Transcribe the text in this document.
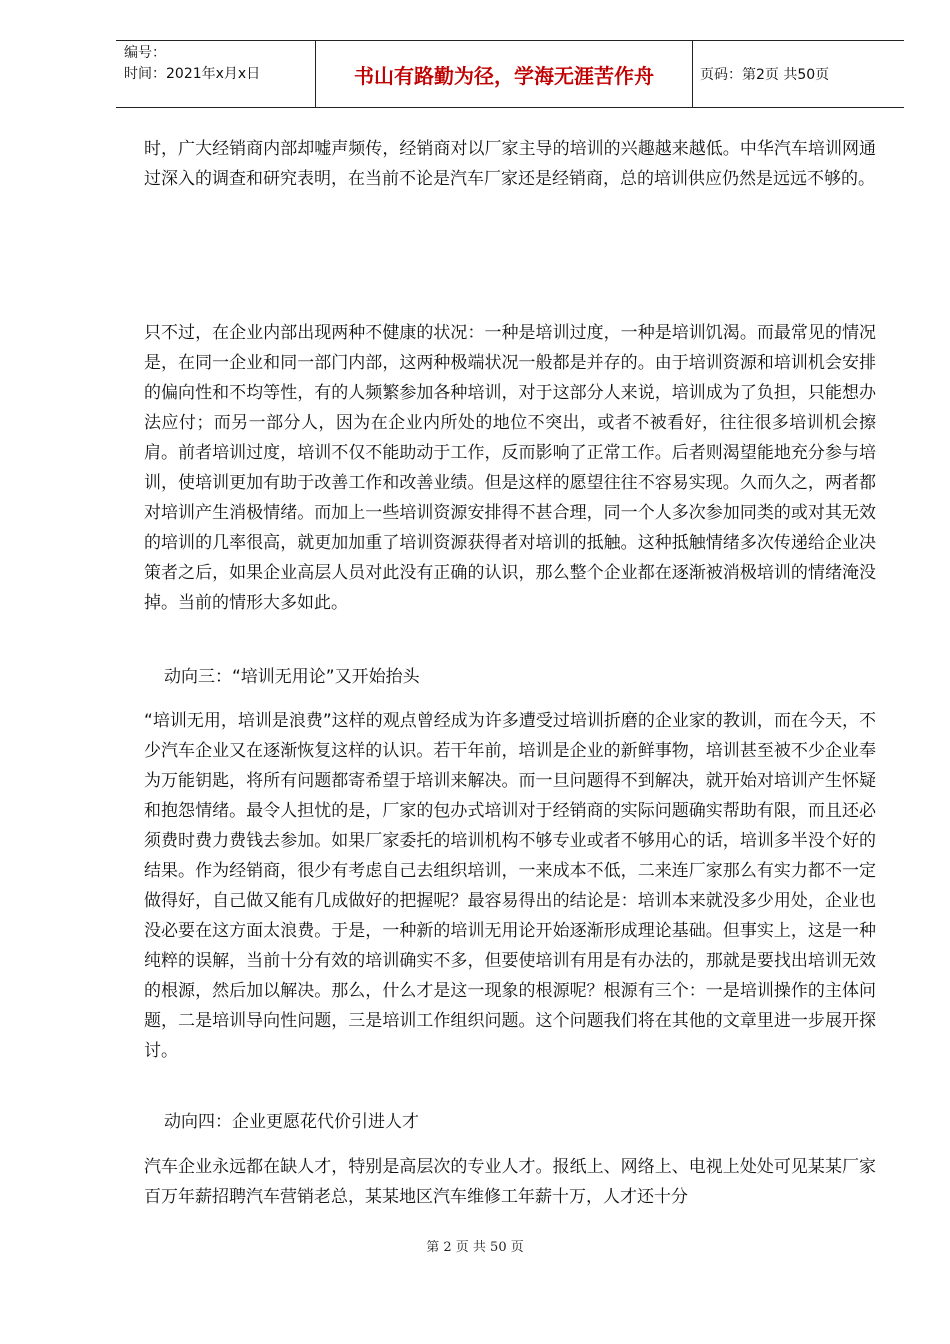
编号：
时间：2021年x月x日	书山有路勤为径，学海无涯苦作舟	页码：第2页 共50页

时，广大经销商内部却嘘声频传，经销商对以厂家主导的培训的兴趣越来越低。中华汽车培训网通过深入的调查和研究表明，在当前不论是汽车厂家还是经销商，总的培训供应仍然是远远不够的。

只不过，在企业内部出现两种不健康的状况：一种是培训过度，一种是培训饥渴。而最常见的情况是，在同一企业和同一部门内部，这两种极端状况一般都是并存的。由于培训资源和培训机会安排的偏向性和不均等性，有的人频繁参加各种培训，对于这部分人来说，培训成为了负担，只能想办法应付；而另一部分人，因为在企业内所处的地位不突出，或者不被看好，往往很多培训机会擦肩。前者培训过度，培训不仅不能助动于工作，反而影响了正常工作。后者则渴望能地充分参与培训，使培训更加有助于改善工作和改善业绩。但是这样的愿望往往不容易实现。久而久之，两者都对培训产生消极情绪。而加上一些培训资源安排得不甚合理，同一个人多次参加同类的或对其无效的培训的几率很高，就更加加重了培训资源获得者对培训的抵触。这种抵触情绪多次传递给企业决策者之后，如果企业高层人员对此没有正确的认识，那么整个企业都在逐渐被消极培训的情绪淹没掉。当前的情形大多如此。

动向三：“培训无用论”又开始抬头

“培训无用，培训是浪费”这样的观点曾经成为许多遭受过培训折磨的企业家的教训，而在今天，不少汽车企业又在逐渐恢复这样的认识。若干年前，培训是企业的新鲜事物，培训甚至被不少企业奉为万能钥匙，将所有问题都寄希望于培训来解决。而一旦问题得不到解决，就开始对培训产生怀疑和抱怨情绪。最令人担忧的是，厂家的包办式培训对于经销商的实际问题确实帮助有限，而且还必须费时费力费钱去参加。如果厂家委托的培训机构不够专业或者不够用心的话，培训多半没个好的结果。作为经销商，很少有考虑自己去组织培训，一来成本不低，二来连厂家那么有实力都不一定做得好，自己做又能有几成做好的把握呢？最容易得出的结论是：培训本来就没多少用处，企业也没必要在这方面太浪费。于是，一种新的培训无用论开始逐渐形成理论基础。但事实上，这是一种纯粹的误解，当前十分有效的培训确实不多，但要使培训有用是有办法的，那就是要找出培训无效的根源，然后加以解决。那么，什么才是这一现象的根源呢？根源有三个：一是培训操作的主体问题，二是培训导向性问题，三是培训工作组织问题。这个问题我们将在其他的文章里进一步展开探讨。

动向四：企业更愿花代价引进人才

汽车企业永远都在缺人才，特别是高层次的专业人才。报纸上、网络上、电视上处处可见某某厂家百万年薪招聘汽车营销老总，某某地区汽车维修工年薪十万，人才还十分

第 2 页 共 50 页
